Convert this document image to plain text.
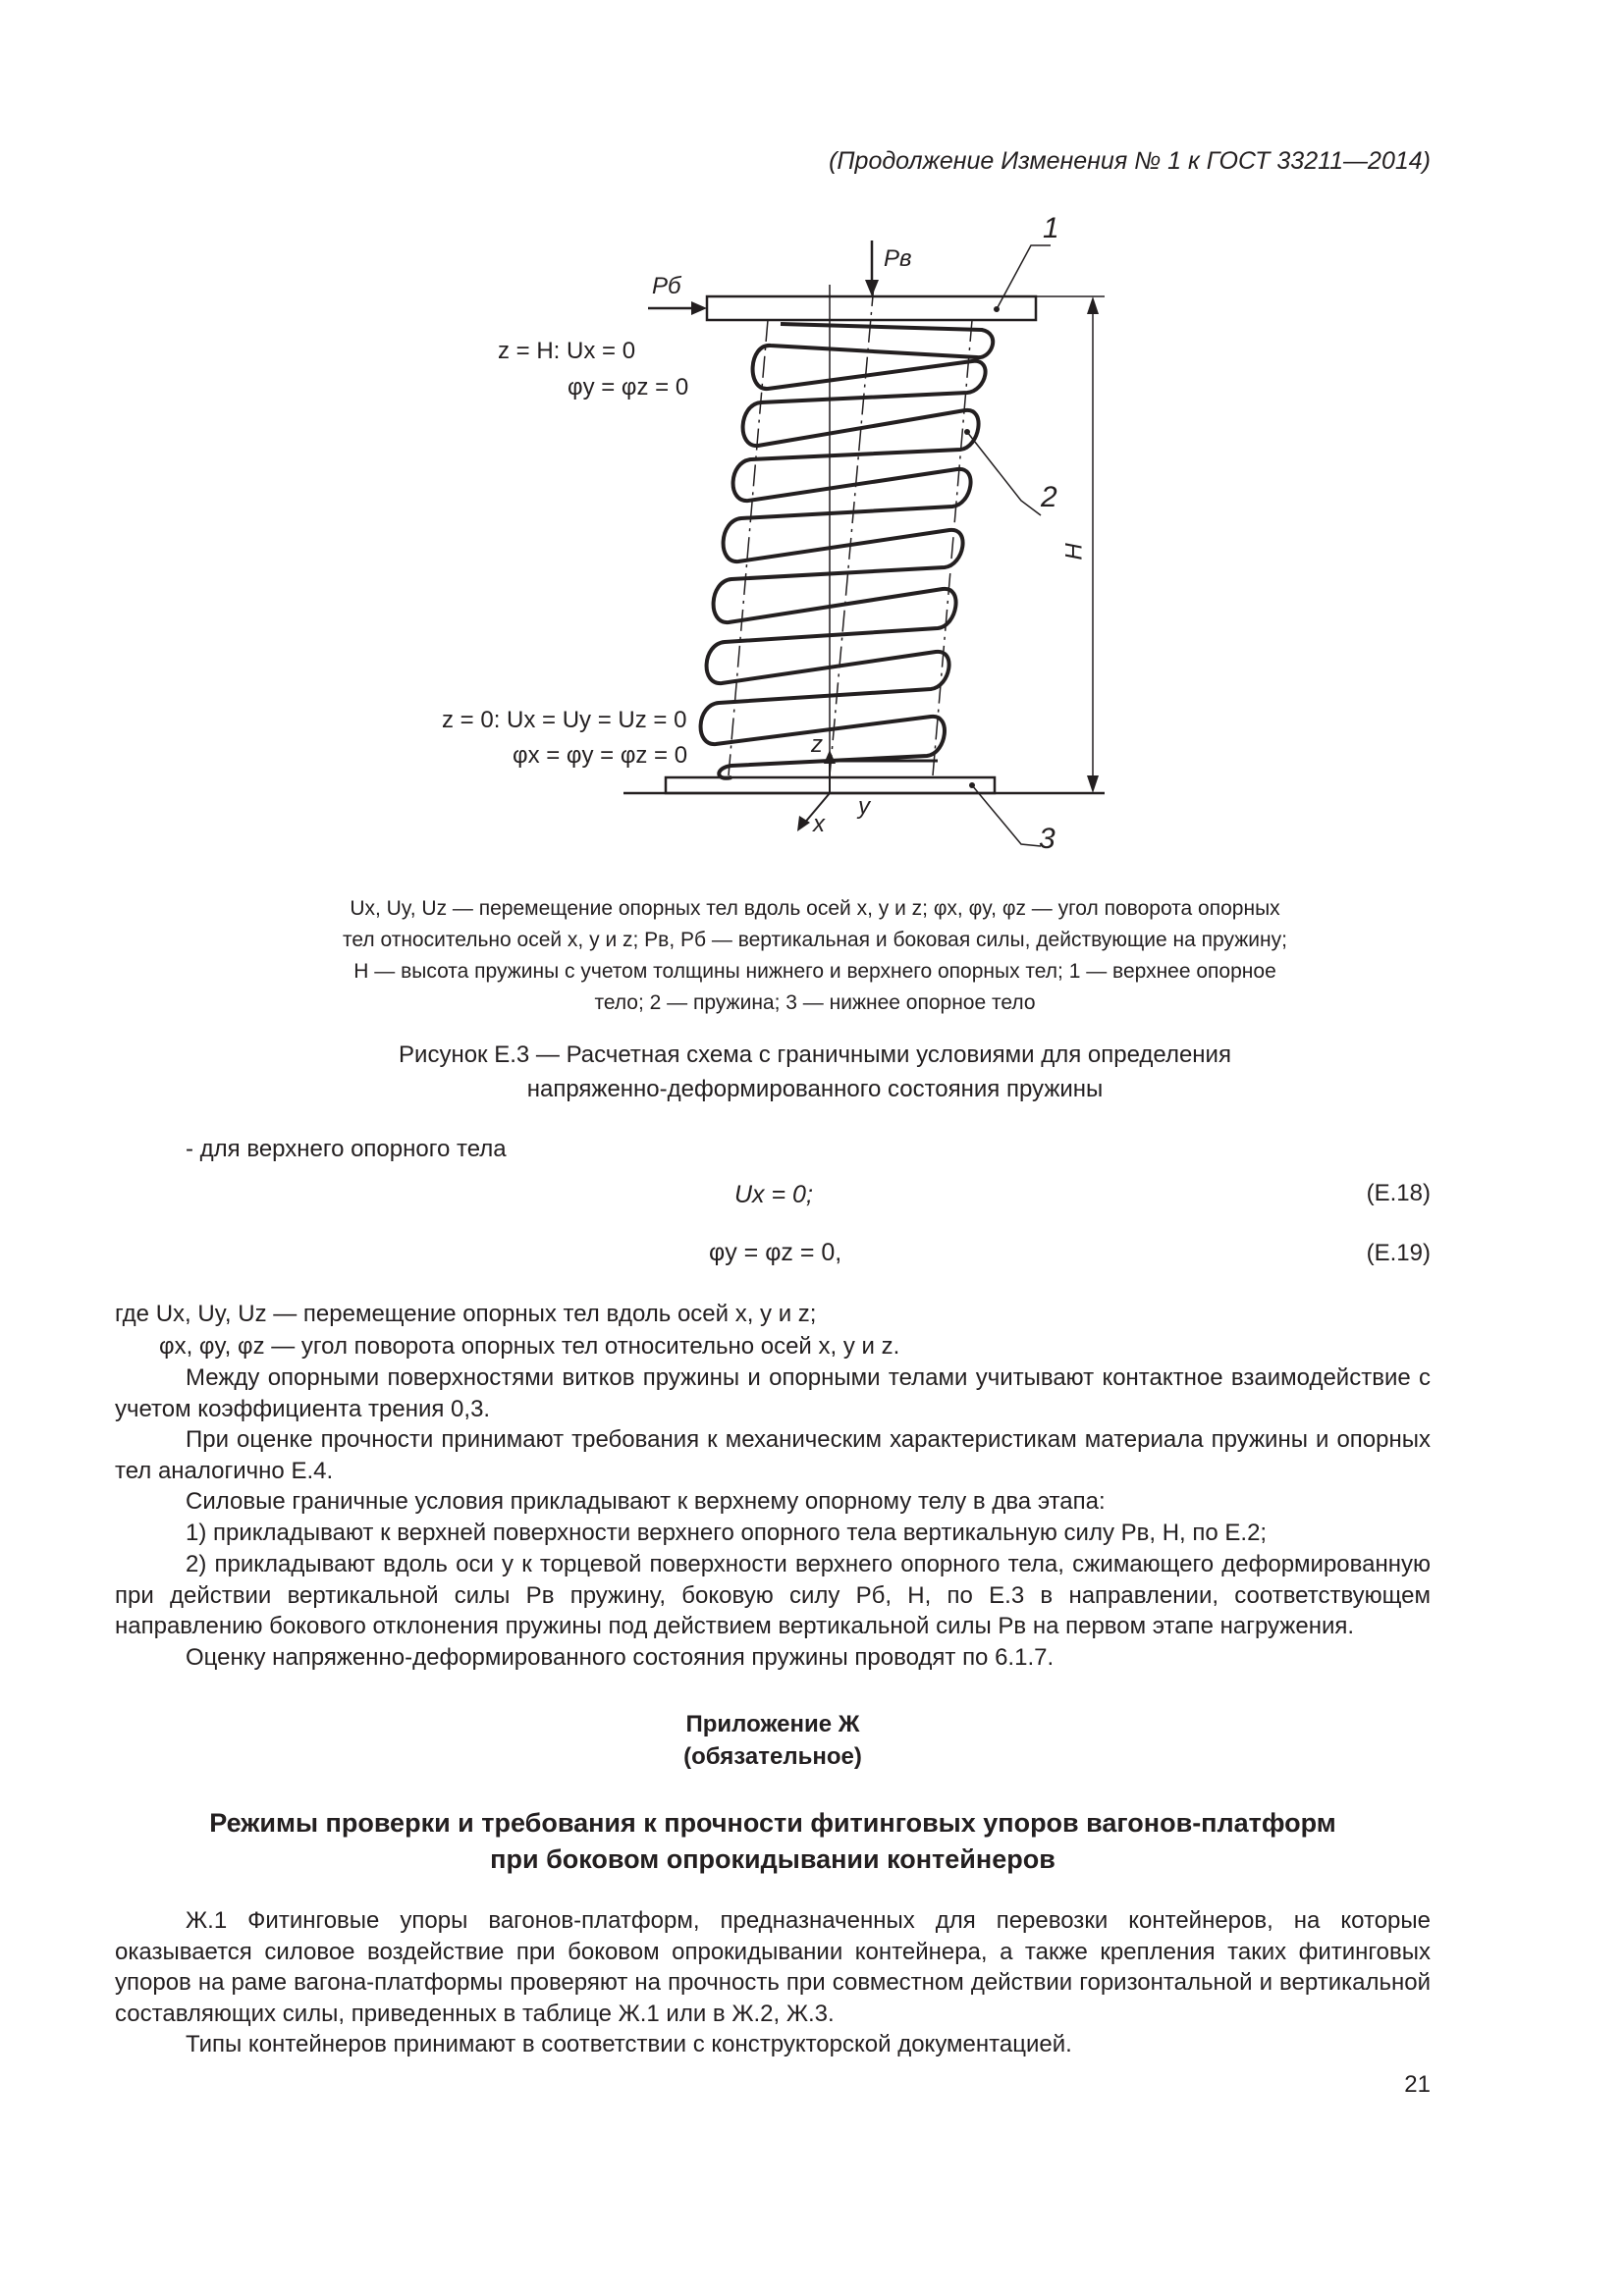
(Продолжение Изменения № 1 к ГОСТ 33211—2014)
Pб
Pв
1
2
3
H
z
y
x
z = H: Ux = 0
φy = φz = 0
z = 0: Ux = Uy = Uz = 0
φx = φy = φz = 0
Ux, Uy, Uz — перемещение опорных тел вдоль осей x, y и z; φx, φy, φz — угол поворота опорных
тел относительно осей x, y и z; Pв, Pб — вертикальная и боковая силы, действующие на пружину;
H — высота пружины с учетом толщины нижнего и верхнего опорных тел; 1 — верхнее опорное
тело; 2 — пружина; 3 — нижнее опорное тело
Рисунок Е.3 — Расчетная схема с граничными условиями для определения
напряженно-деформированного состояния пружины
- для верхнего опорного тела
Ux = 0;	(Е.18)
φy = φz = 0,	(Е.19)
где Ux, Uy, Uz — перемещение опорных тел вдоль осей x, y и z;
φx, φy, φz — угол поворота опорных тел относительно осей x, y и z.
Между опорными поверхностями витков пружины и опорными телами учитывают контактное взаимодействие с учетом коэффициента трения 0,3.
При оценке прочности принимают требования к механическим характеристикам материала пружины и опорных тел аналогично Е.4.
Силовые граничные условия прикладывают к верхнему опорному телу в два этапа:
1) прикладывают к верхней поверхности верхнего опорного тела вертикальную силу Pв, Н, по Е.2;
2) прикладывают вдоль оси y к торцевой поверхности верхнего опорного тела, сжимающего деформированную при действии вертикальной силы Pв пружину, боковую силу Pб, Н, по Е.3 в направлении, соответствующем направлению бокового отклонения пружины под действием вертикальной силы Pв на первом этапе нагружения.
Оценку напряженно-деформированного состояния пружины проводят по 6.1.7.
Приложение Ж
(обязательное)
Режимы проверки и требования к прочности фитинговых упоров вагонов-платформ
при боковом опрокидывании контейнеров
Ж.1 Фитинговые упоры вагонов-платформ, предназначенных для перевозки контейнеров, на которые оказывается силовое воздействие при боковом опрокидывании контейнера, а также крепления таких фитинговых упоров на раме вагона-платформы проверяют на прочность при совместном действии горизонтальной и вертикальной составляющих силы, приведенных в таблице Ж.1 или в Ж.2, Ж.3.
Типы контейнеров принимают в соответствии с конструкторской документацией.
21
